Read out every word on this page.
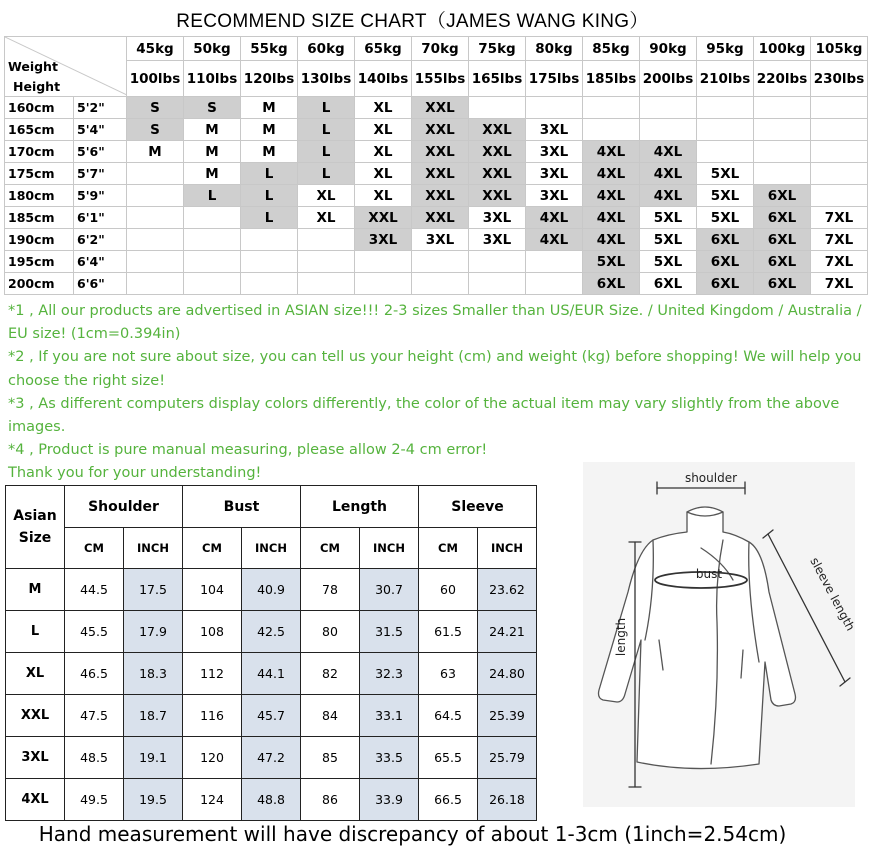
RECOMMEND SIZE CHART（JAMES WANG KING）
Weight
Height		45kg	50kg	55kg	60kg	65kg	70kg	75kg	80kg	85kg	90kg	95kg	100kg	105kg
		100lbs	110lbs	120lbs	130lbs	140lbs	155lbs	165lbs	175lbs	185lbs	200lbs	210lbs	220lbs	230lbs
160cm	5'2"	S	S	M	L	XL	XXL							
165cm	5'4"	S	M	M	L	XL	XXL	XXL	3XL					
170cm	5'6"	M	M	M	L	XL	XXL	XXL	3XL	4XL	4XL			
175cm	5'7"		M	L	L	XL	XXL	XXL	3XL	4XL	4XL	5XL		
180cm	5'9"		L	L	XL	XL	XXL	XXL	3XL	4XL	4XL	5XL	6XL	
185cm	6'1"			L	XL	XXL	XXL	3XL	4XL	4XL	5XL	5XL	6XL	7XL
190cm	6'2"					3XL	3XL	3XL	4XL	4XL	5XL	6XL	6XL	7XL
195cm	6'4"									5XL	5XL	6XL	6XL	7XL
200cm	6'6"									6XL	6XL	6XL	6XL	7XL

*1 , All our products are advertised in ASIAN size!!! 2-3 sizes Smaller than US/EUR Size. / United Kingdom / Australia / EU size! (1cm=0.394in)

*2 , If you are not sure about size, you can tell us your height (cm) and weight (kg) before shopping! We will help you choose the right size!

*3 , As different computers display colors differently, the color of the actual item may vary slightly from the above images.

*4 , Product is pure manual measuring, please allow 2-4 cm error!

Thank you for your understanding!

Asian
Size	Shoulder		Bust		Length		Sleeve	
	CM	INCH	CM	INCH	CM	INCH	CM	INCH
M	44.5	17.5	104	40.9	78	30.7	60	23.62
L	45.5	17.9	108	42.5	80	31.5	61.5	24.21
XL	46.5	18.3	112	44.1	82	32.3	63	24.80
XXL	47.5	18.7	116	45.7	84	33.1	64.5	25.39
3XL	48.5	19.1	120	47.2	85	33.5	65.5	25.79
4XL	49.5	19.5	124	48.8	86	33.9	66.5	26.18
shoulder
bust
length
sleeve length
Hand measurement will have discrepancy of about 1-3cm (1inch=2.54cm)
